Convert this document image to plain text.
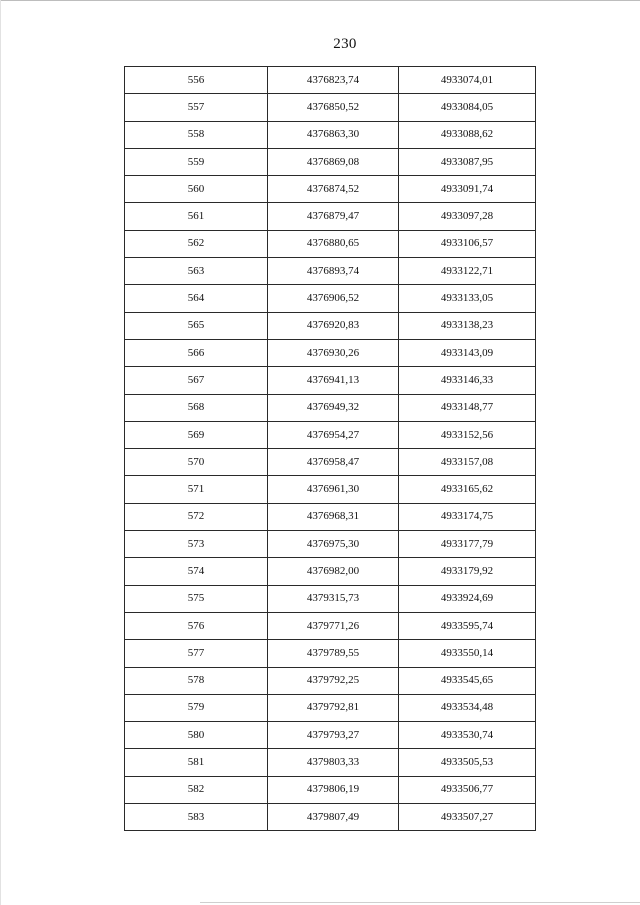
230
556	4376823,74	4933074,01
557	4376850,52	4933084,05
558	4376863,30	4933088,62
559	4376869,08	4933087,95
560	4376874,52	4933091,74
561	4376879,47	4933097,28
562	4376880,65	4933106,57
563	4376893,74	4933122,71
564	4376906,52	4933133,05
565	4376920,83	4933138,23
566	4376930,26	4933143,09
567	4376941,13	4933146,33
568	4376949,32	4933148,77
569	4376954,27	4933152,56
570	4376958,47	4933157,08
571	4376961,30	4933165,62
572	4376968,31	4933174,75
573	4376975,30	4933177,79
574	4376982,00	4933179,92
575	4379315,73	4933924,69
576	4379771,26	4933595,74
577	4379789,55	4933550,14
578	4379792,25	4933545,65
579	4379792,81	4933534,48
580	4379793,27	4933530,74
581	4379803,33	4933505,53
582	4379806,19	4933506,77
583	4379807,49	4933507,27
